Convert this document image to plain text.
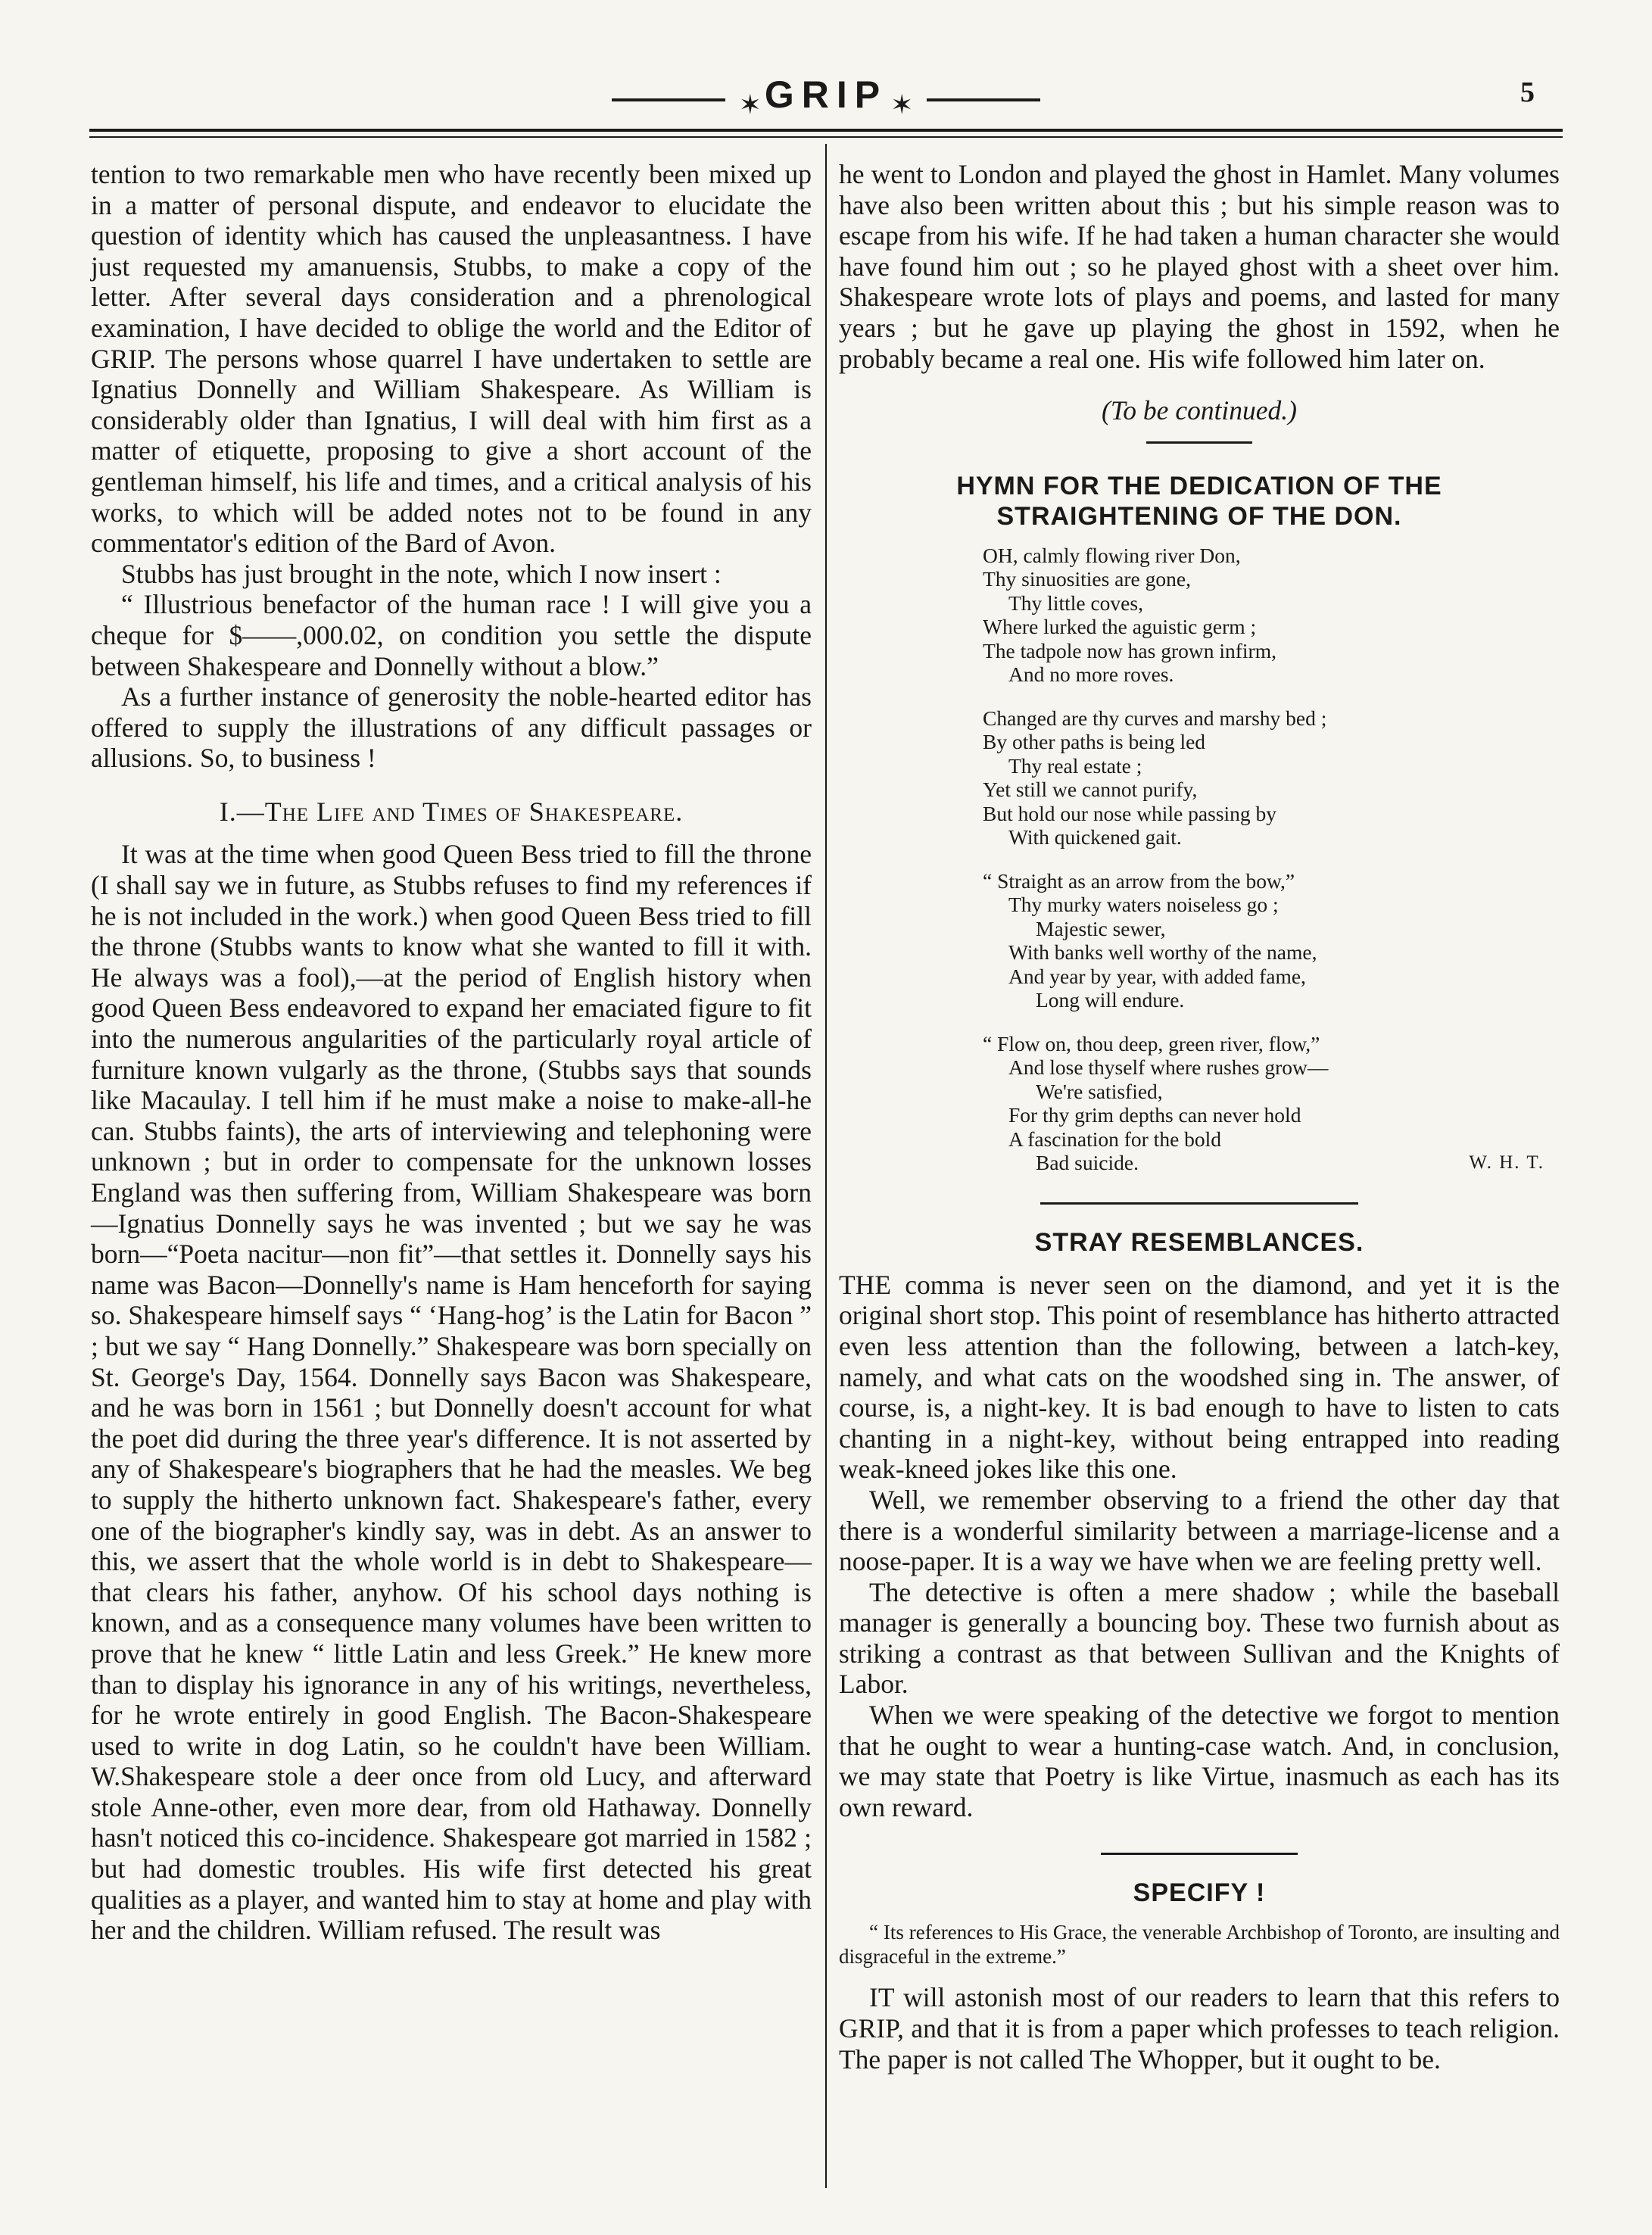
✶ GRIP ✶	5

tention to two remarkable men who have recently been mixed up in a matter of personal dispute, and endeavor to elucidate the question of identity which has caused the unpleasantness. I have just requested my amanuensis, Stubbs, to make a copy of the letter. After several days consideration and a phrenological examination, I have decided to oblige the world and the Editor of GRIP. The persons whose quarrel I have undertaken to settle are Ignatius Donnelly and William Shakespeare. As William is considerably older than Ignatius, I will deal with him first as a matter of etiquette, proposing to give a short account of the gentleman himself, his life and times, and a critical analysis of his works, to which will be added notes not to be found in any commentator's edition of the Bard of Avon.

Stubbs has just brought in the note, which I now insert :

“ Illustrious benefactor of the human race ! I will give you a cheque for $——,000.02, on condition you settle the dispute between Shakespeare and Donnelly without a blow.”

As a further instance of generosity the noble-hearted editor has offered to supply the illustrations of any difficult passages or allusions. So, to business !

I.—The Life and Times of Shakespeare.

It was at the time when good Queen Bess tried to fill the throne (I shall say we in future, as Stubbs refuses to find my references if he is not included in the work.) when good Queen Bess tried to fill the throne (Stubbs wants to know what she wanted to fill it with. He always was a fool),—at the period of English history when good Queen Bess endeavored to expand her emaciated figure to fit into the numerous angularities of the particularly royal article of furniture known vulgarly as the throne, (Stubbs says that sounds like Macaulay. I tell him if he must make a noise to make-all-he can. Stubbs faints), the arts of interviewing and telephoning were unknown ; but in order to compensate for the unknown losses England was then suffering from, William Shakespeare was born—Ignatius Donnelly says he was invented ; but we say he was born—“Poeta nacitur—non fit”—that settles it. Donnelly says his name was Bacon—Donnelly's name is Ham henceforth for saying so. Shakespeare himself says “ ‘Hang-hog’ is the Latin for Bacon ” ; but we say “ Hang Donnelly.” Shakespeare was born specially on St. George's Day, 1564. Donnelly says Bacon was Shakespeare, and he was born in 1561 ; but Donnelly doesn't account for what the poet did during the three year's difference. It is not asserted by any of Shakespeare's biographers that he had the measles. We beg to supply the hitherto unknown fact. Shakespeare's father, every one of the biographer's kindly say, was in debt. As an answer to this, we assert that the whole world is in debt to Shakespeare—that clears his father, anyhow. Of his school days nothing is known, and as a consequence many volumes have been written to prove that he knew “ little Latin and less Greek.” He knew more than to display his ignorance in any of his writings, nevertheless, for he wrote entirely in good English. The Bacon-Shakespeare used to write in dog Latin, so he couldn't have been William. W.Shakespeare stole a deer once from old Lucy, and afterward stole Anne-other, even more dear, from old Hathaway. Donnelly hasn't noticed this co-incidence. Shakespeare got married in 1582 ; but had domestic troubles. His wife first detected his great qualities as a player, and wanted him to stay at home and play with her and the children. William refused. The result was

he went to London and played the ghost in Hamlet. Many volumes have also been written about this ; but his simple reason was to escape from his wife. If he had taken a human character she would have found him out ; so he played ghost with a sheet over him. Shakespeare wrote lots of plays and poems, and lasted for many years ; but he gave up playing the ghost in 1592, when he probably became a real one. His wife followed him later on.

(To be continued.)

HYMN FOR THE DEDICATION OF THE
STRAIGHTENING OF THE DON.
OH, calmly flowing river Don,
Thy sinuosities are gone,
Thy little coves,
Where lurked the aguistic germ ;
The tadpole now has grown infirm,
And no more roves.
Changed are thy curves and marshy bed ;
By other paths is being led
Thy real estate ;
Yet still we cannot purify,
But hold our nose while passing by
With quickened gait.
“ Straight as an arrow from the bow,”
Thy murky waters noiseless go ;
Majestic sewer,
With banks well worthy of the name,
And year by year, with added fame,
Long will endure.
“ Flow on, thou deep, green river, flow,”
And lose thyself where rushes grow—
We're satisfied,
For thy grim depths can never hold
A fascination for the bold
Bad suicide.	W. H. T.
STRAY RESEMBLANCES.

THE comma is never seen on the diamond, and yet it is the original short stop. This point of resemblance has hitherto attracted even less attention than the following, between a latch-key, namely, and what cats on the woodshed sing in. The answer, of course, is, a night-key. It is bad enough to have to listen to cats chanting in a night-key, without being entrapped into reading weak-kneed jokes like this one.

Well, we remember observing to a friend the other day that there is a wonderful similarity between a marriage-license and a noose-paper. It is a way we have when we are feeling pretty well.

The detective is often a mere shadow ; while the baseball manager is generally a bouncing boy. These two furnish about as striking a contrast as that between Sullivan and the Knights of Labor.

When we were speaking of the detective we forgot to mention that he ought to wear a hunting-case watch. And, in conclusion, we may state that Poetry is like Virtue, inasmuch as each has its own reward.

SPECIFY !

“ Its references to His Grace, the venerable Archbishop of Toronto, are insulting and disgraceful in the extreme.”

IT will astonish most of our readers to learn that this refers to GRIP, and that it is from a paper which professes to teach religion. The paper is not called The Whopper, but it ought to be.
